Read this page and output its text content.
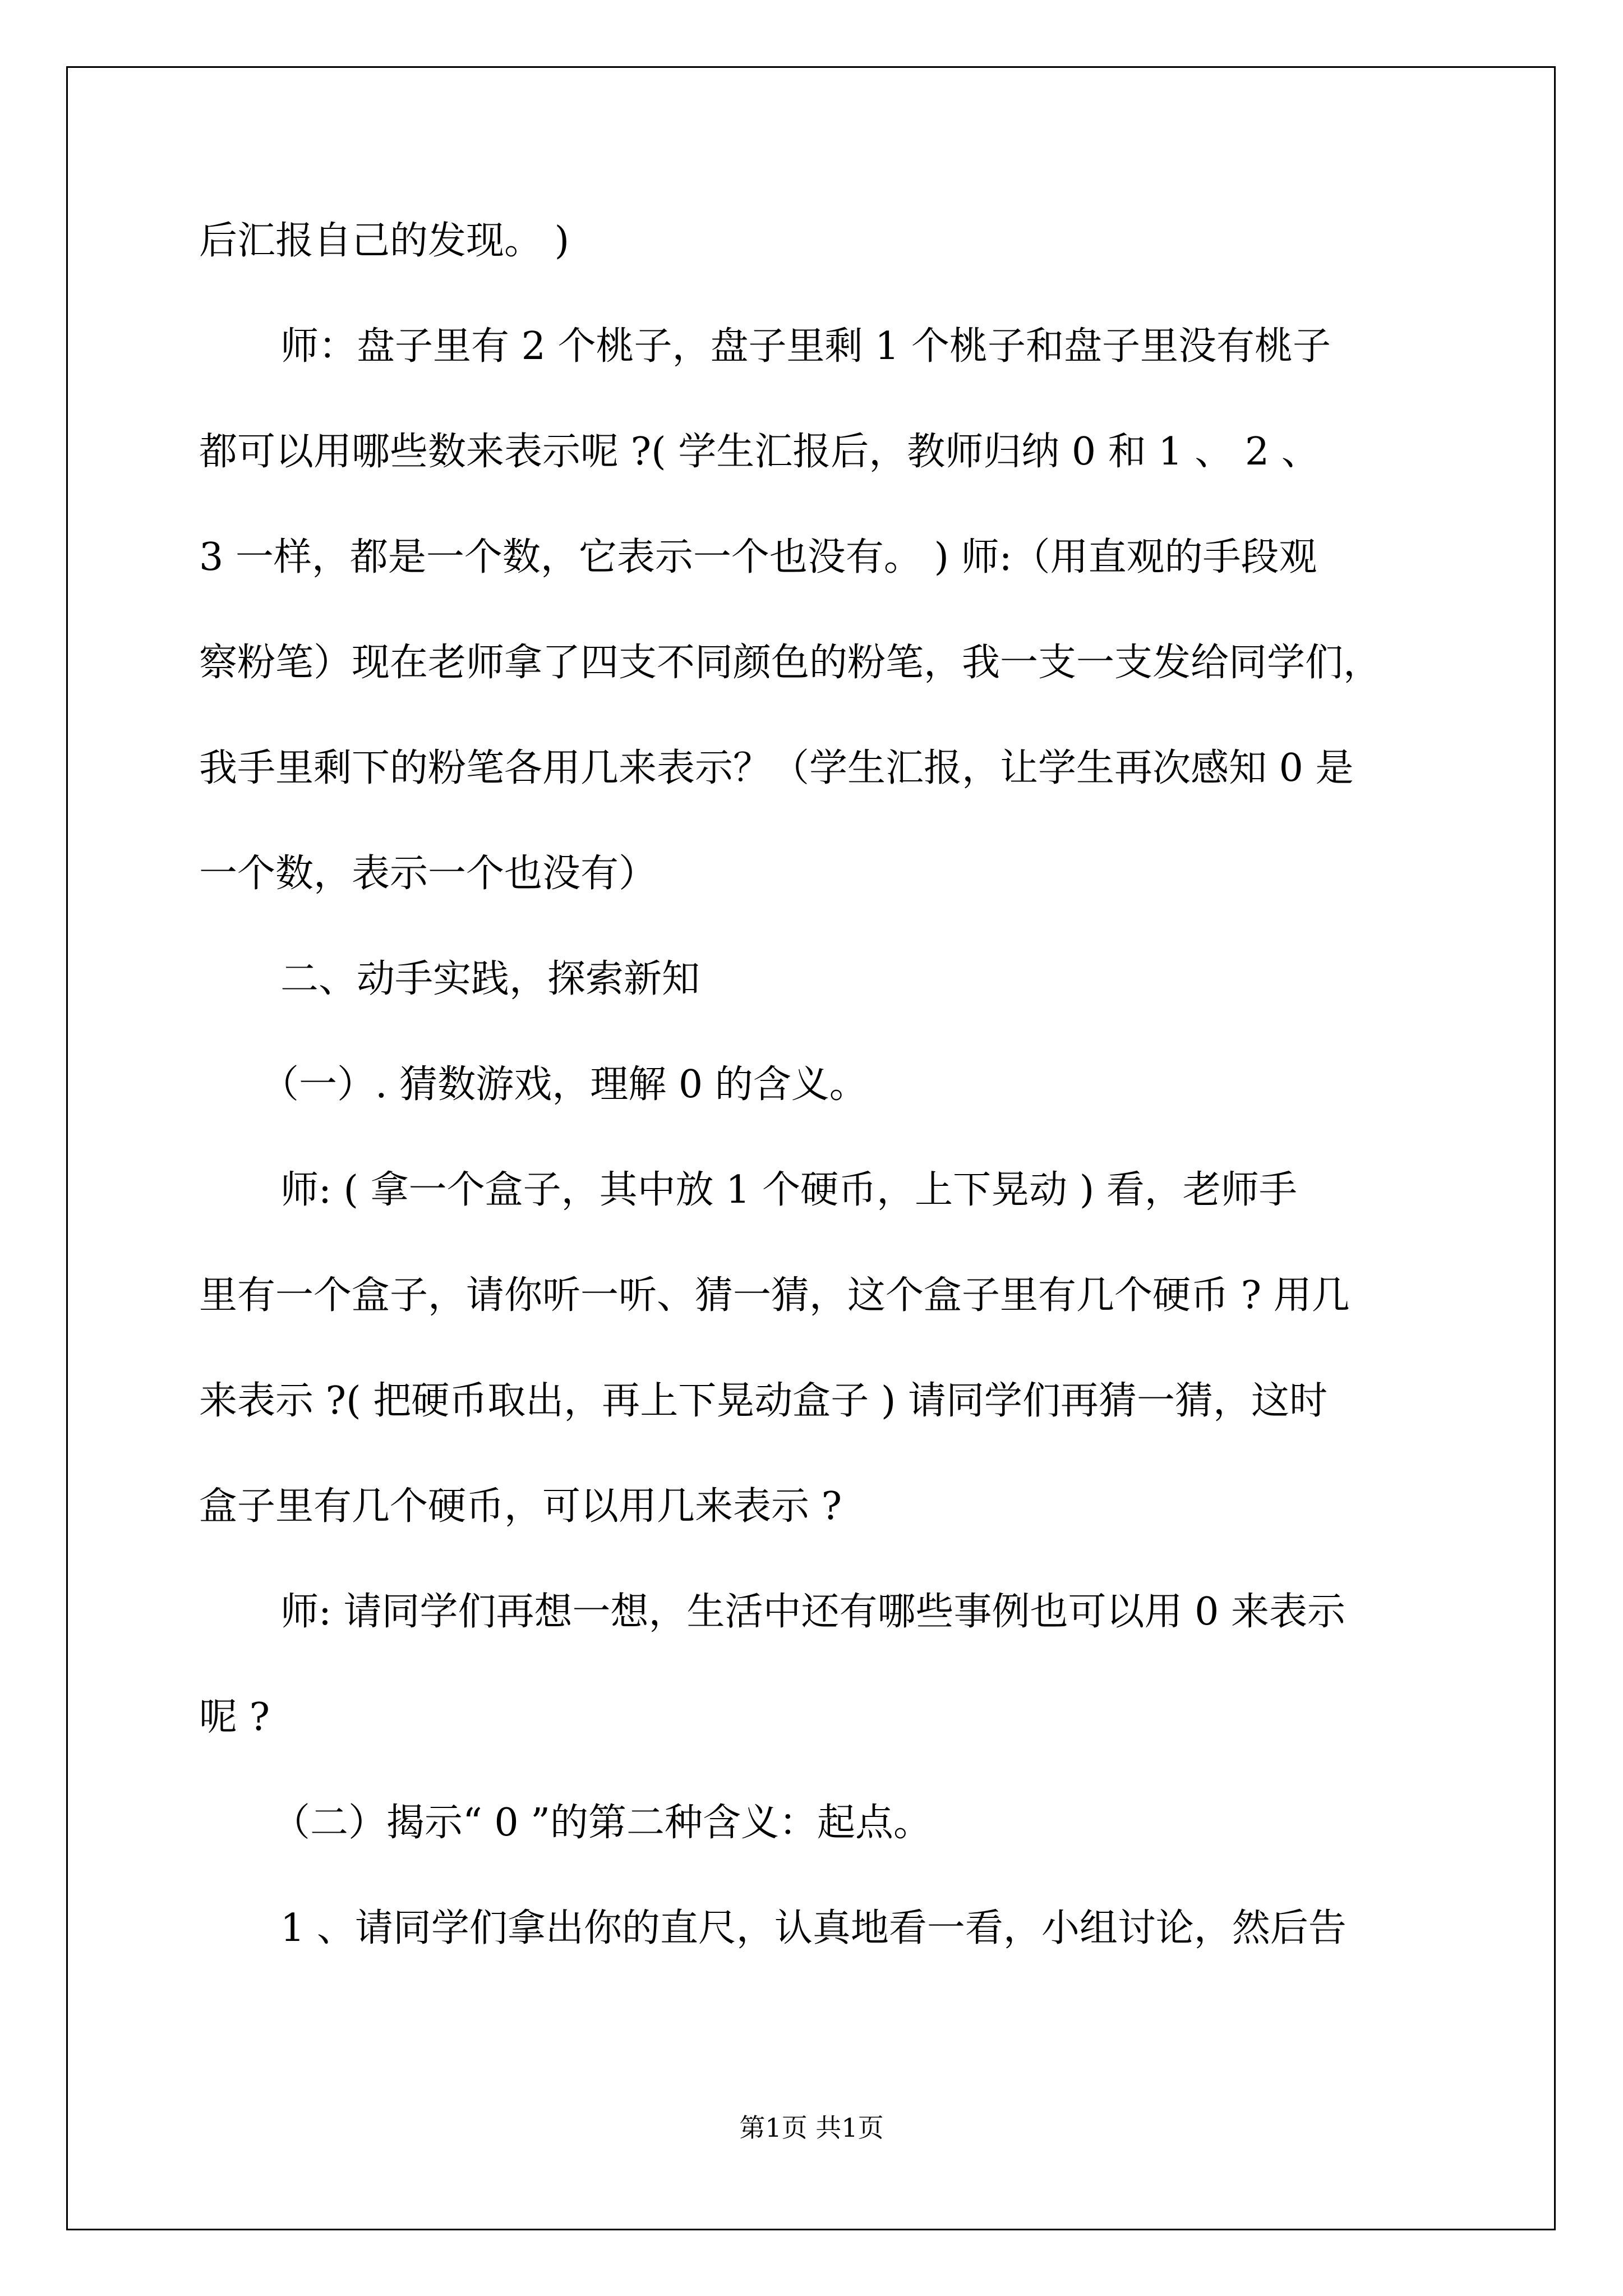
后汇报自己的发现。 )
师：盘子里有 2 个桃子，盘子里剩 1 个桃子和盘子里没有桃子
都可以用哪些数来表示呢 ?( 学生汇报后，教师归纳 0 和 1 、 2 、
3 一样，都是一个数，它表示一个也没有。 ) 师:（用直观的手段观
察粉笔）现在老师拿了四支不同颜色的粉笔，我一支一支发给同学们，
我手里剩下的粉笔各用几来表示？（学生汇报，让学生再次感知 0 是
一个数，表示一个也没有）
二、动手实践，探索新知
（一）. 猜数游戏，理解 0 的含义。
师: ( 拿一个盒子，其中放 1 个硬币，上下晃动 ) 看，老师手
里有一个盒子，请你听一听、猜一猜，这个盒子里有几个硬币 ? 用几
来表示 ?( 把硬币取出，再上下晃动盒子 ) 请同学们再猜一猜，这时
盒子里有几个硬币，可以用几来表示 ?
师: 请同学们再想一想，生活中还有哪些事例也可以用 0 来表示
呢 ?
（二）揭示“ 0 ”的第二种含义：起点。
1 、请同学们拿出你的直尺，认真地看一看，小组讨论，然后告
第1页 共1页
